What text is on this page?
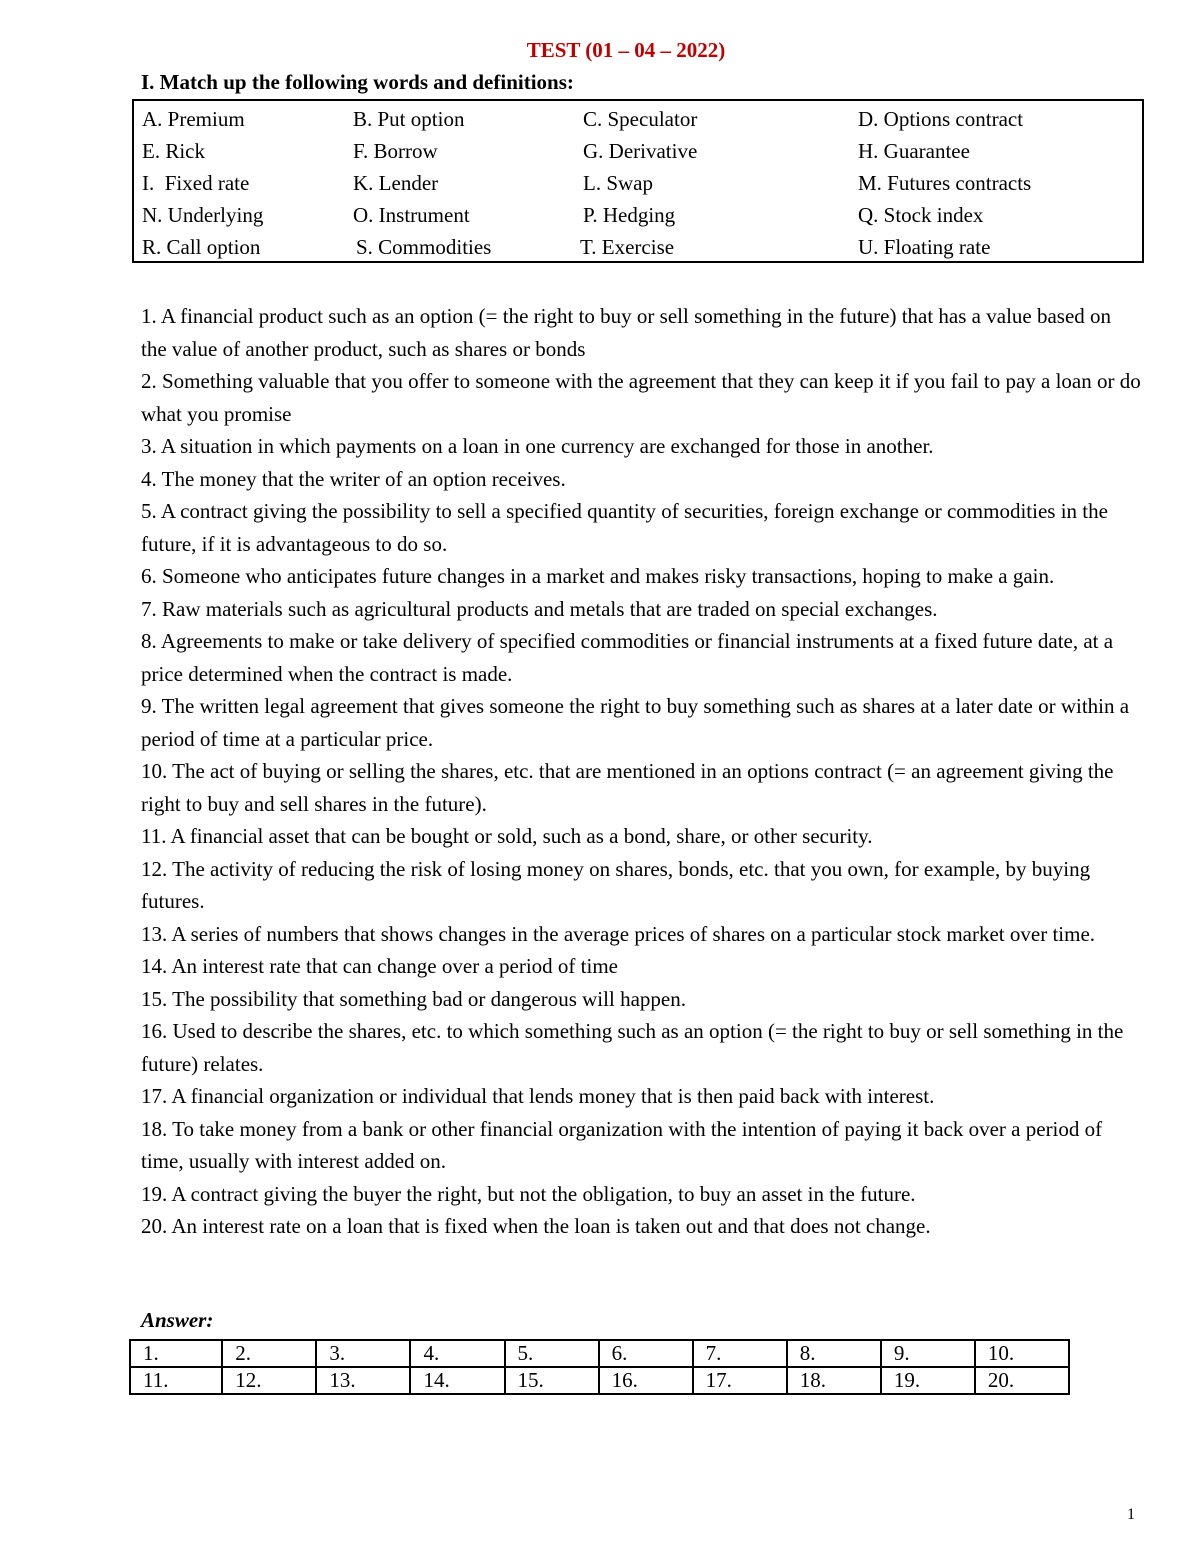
TEST (01 – 04 – 2022)
I. Match up the following words and definitions:
A. Premium	B. Put option	C. Speculator	D. Options contract
E. Rick	F. Borrow	G. Derivative	H. Guarantee
I.  Fixed rate	K. Lender	L. Swap	M. Futures contracts
N. Underlying	O. Instrument	P. Hedging	Q. Stock index
R. Call option	S. Commodities	T. Exercise	U. Floating rate

1. A financial product such as an option (= the right to buy or sell something in the future) that has a value based on the value of another product, such as shares or bonds

2. Something valuable that you offer to someone with the agreement that they can keep it if you fail to pay a loan or do what you promise

3. A situation in which payments on a loan in one currency are exchanged for those in another.

4. The money that the writer of an option receives.

5. A contract giving the possibility to sell a specified quantity of securities, foreign exchange or commodities in the future, if it is advantageous to do so.

6. Someone who anticipates future changes in a market and makes risky transactions, hoping to make a gain.

7. Raw materials such as agricultural products and metals that are traded on special exchanges.

8. Agreements to make or take delivery of specified commodities or financial instruments at a fixed future date, at a price determined when the contract is made.

9. The written legal agreement that gives someone the right to buy something such as shares at a later date or within a period of time at a particular price.

10. The act of buying or selling the shares, etc. that are mentioned in an options contract (= an agreement giving the right to buy and sell shares in the future).

11. A financial asset that can be bought or sold, such as a bond, share, or other security.

12. The activity of reducing the risk of losing money on shares, bonds, etc. that you own, for example, by buying futures.

13. A series of numbers that shows changes in the average prices of shares on a particular stock market over time.

14. An interest rate that can change over a period of time

15. The possibility that something bad or dangerous will happen.

16. Used to describe the shares, etc. to which something such as an option (= the right to buy or sell something in the future) relates.

17. A financial organization or individual that lends money that is then paid back with interest.

18. To take money from a bank or other financial organization with the intention of paying it back over a period of time, usually with interest added on.

19. A contract giving the buyer the right, but not the obligation, to buy an asset in the future.

20. An interest rate on a loan that is fixed when the loan is taken out and that does not change.

Answer:
1.	2.	3.	4.	5.	6.	7.	8.	9.	10.
11.	12.	13.	14.	15.	16.	17.	18.	19.	20.
1
